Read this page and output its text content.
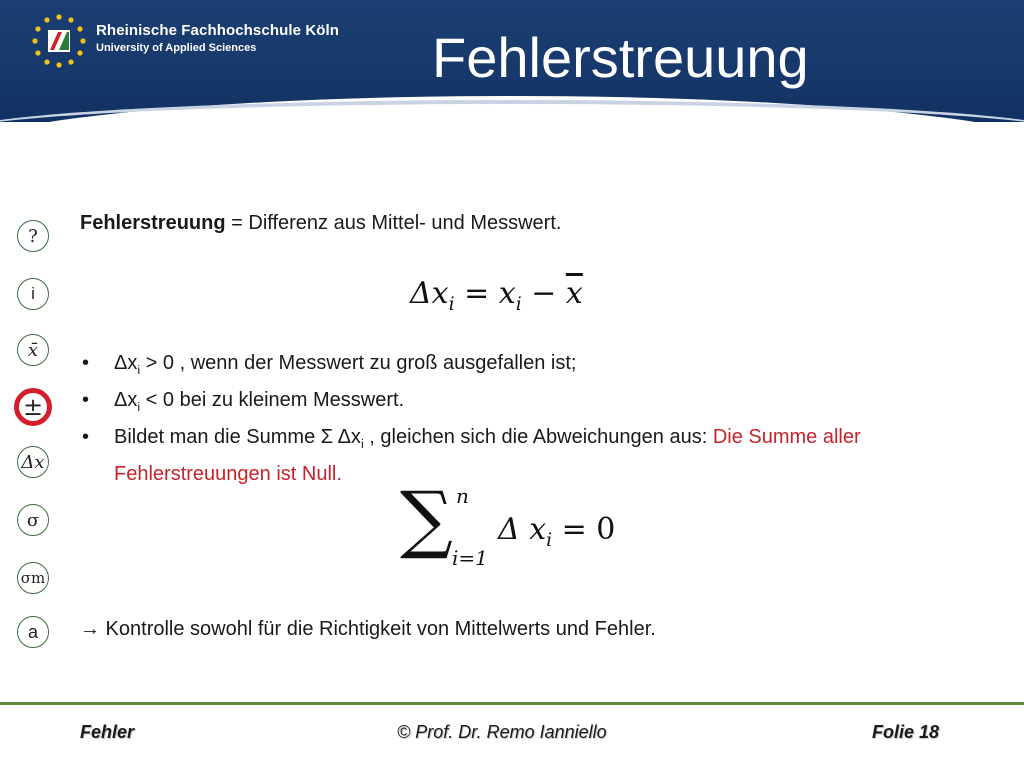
Rheinische Fachhochschule Köln
University of Applied Sciences	Fehlerstreuung
?
i
x̄
±
Δx
σ
σm
a
Fehlerstreuung = Differenz aus Mittel- und Messwert.
$\Delta x_i = x_i - \overline{x}$
• $\Delta x_i > 0$ , wenn der Messwert zu groß ausgefallen ist;
• $\Delta x_i < 0$ bei zu kleinem Messwert.
• Bildet man die Summe Σ $\Delta x_i$ , gleichen sich die Abweichungen aus: Die Summe aller Fehlerstreuungen ist Null.
∑ n
i=1
Δ $x_i = 0$
→ Kontrolle sowohl für die Richtigkeit von Mittelwerts und Fehler.
Fehler	© Prof. Dr. Remo Ianniello	Folie 18
